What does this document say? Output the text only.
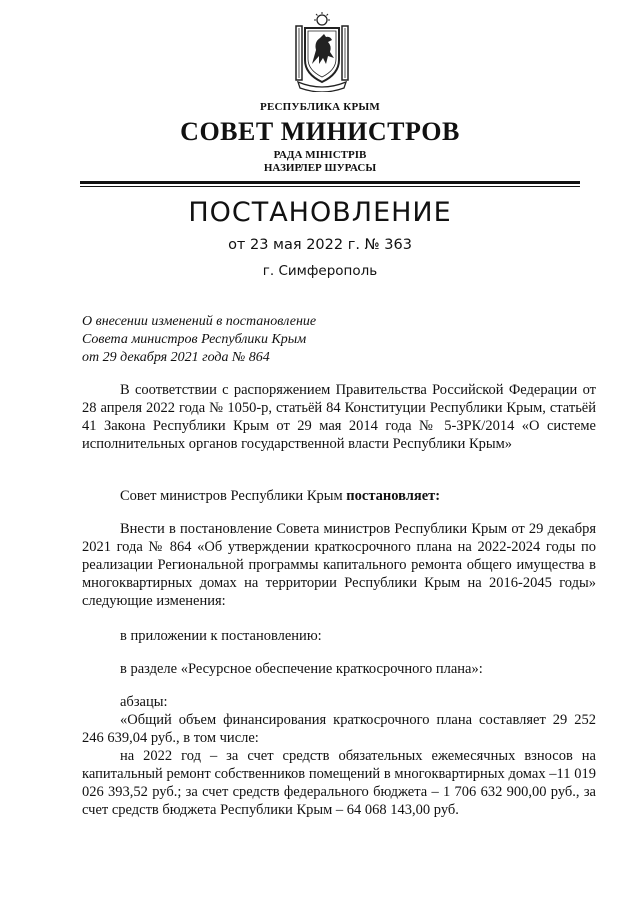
РЕСПУБЛИКА КРЫМ
СОВЕТ МИНИСТРОВ
РАДА МІНІСТРІВ
НАЗИРЛЕР ШУРАСЫ
ПОСТАНОВЛЕНИЕ
от 23 мая 2022 г. № 363
г. Симферополь
О внесении изменений в постановление
Совета министров Республики Крым
от 29 декабря 2021 года № 864

В соответствии с распоряжением Правительства Российской Федерации от 28 апреля 2022 года № 1050-р, статьёй 84 Конституции Республики Крым, статьёй 41 Закона Республики Крым от 29 мая 2014 года № 5-ЗРК/2014 «О системе исполнительных органов государственной власти Республики Крым»

Совет министров Республики Крым постановляет:

Внести в постановление Совета министров Республики Крым от 29 декабря 2021 года № 864 «Об утверждении краткосрочного плана на 2022-2024 годы по реализации Региональной программы капитального ремонта общего имущества в многоквартирных домах на территории Республики Крым на 2016-2045 годы» следующие изменения:

в приложении к постановлению:

в разделе «Ресурсное обеспечение краткосрочного плана»:

абзацы:

«Общий объем финансирования краткосрочного плана составляет 29 252 246 639,04 руб., в том числе:

на 2022 год – за счет средств обязательных ежемесячных взносов на капитальный ремонт собственников помещений в многоквартирных домах –11 019 026 393,52 руб.; за счет средств федерального бюджета – 1 706 632 900,00 руб., за счет средств бюджета Республики Крым – 64 068 143,00 руб.
